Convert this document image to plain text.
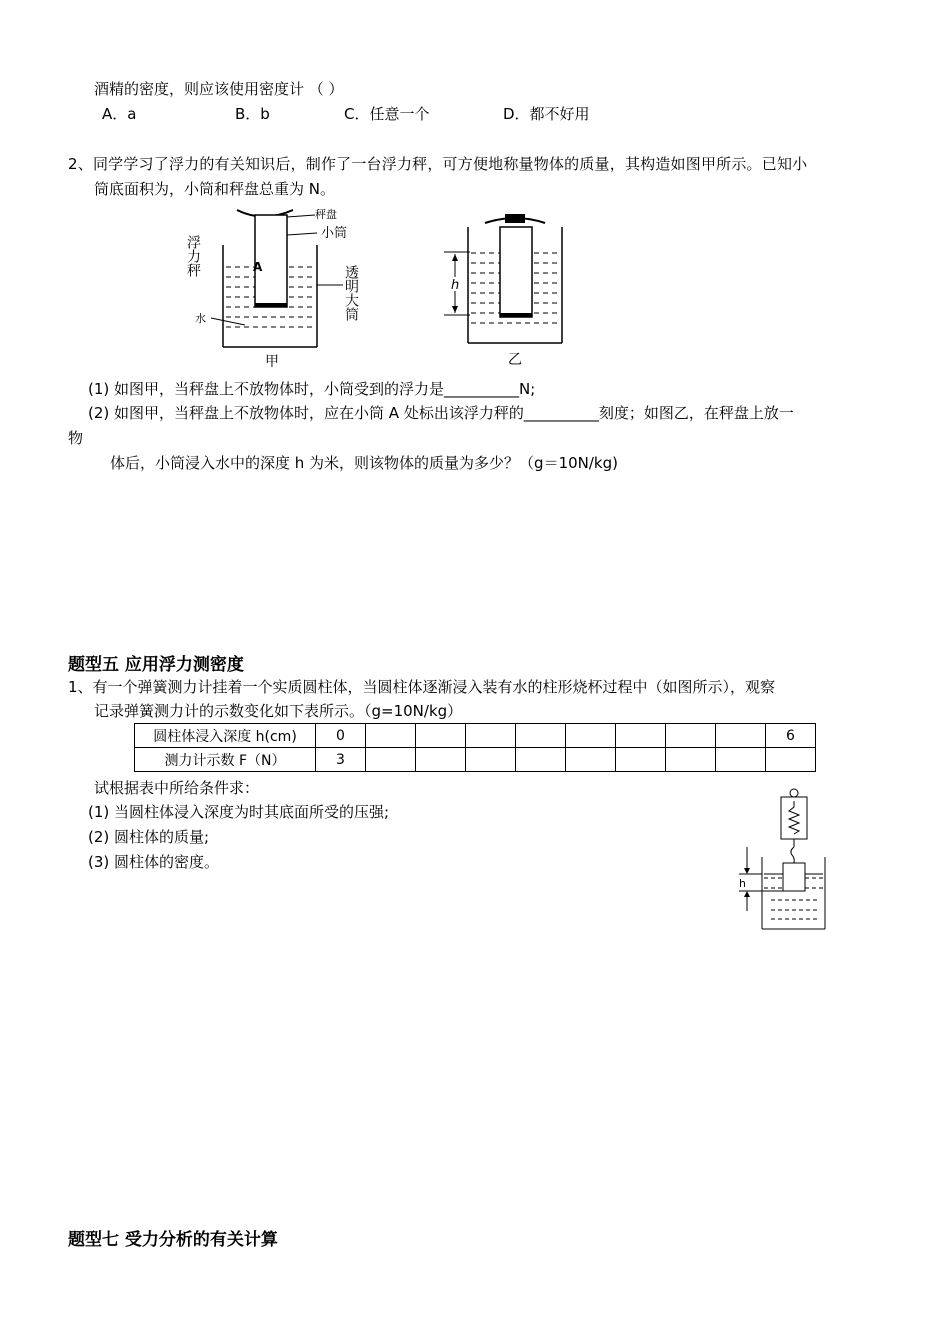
酒精的密度，则应该使用密度计 （ ）
A．a	B．b	C．任意一个	D．都不好用
2、同学学习了浮力的有关知识后，制作了一台浮力秤，可方便地称量物体的质量，其构造如图甲所示。已知小
筒底面积为，小筒和秤盘总重为 N。
秤盘
小筒
浮力秤	A	透明大筒
水
甲
h
乙
(1) 如图甲，当秤盘上不放物体时，小筒受到的浮力是__________N;
(2) 如图甲，当秤盘上不放物体时，应在小筒 A 处标出该浮力秤的__________刻度；如图乙，在秤盘上放一
物
体后，小筒浸入水中的深度 h 为米，则该物体的质量为多少？（g＝10N/kg)
题型五 应用浮力测密度
1、有一个弹簧测力计挂着一个实质圆柱体，当圆柱体逐渐浸入装有水的柱形烧杯过程中（如图所示），观察
记录弹簧测力计的示数变化如下表所示。（g=10N/kg）
圆柱体浸入深度 h(cm)	0									6
测力计示数 F（N）	3									
试根据表中所给条件求：
(1) 当圆柱体浸入深度为时其底面所受的压强;
(2) 圆柱体的质量;
(3) 圆柱体的密度。
h
题型七 受力分析的有关计算
